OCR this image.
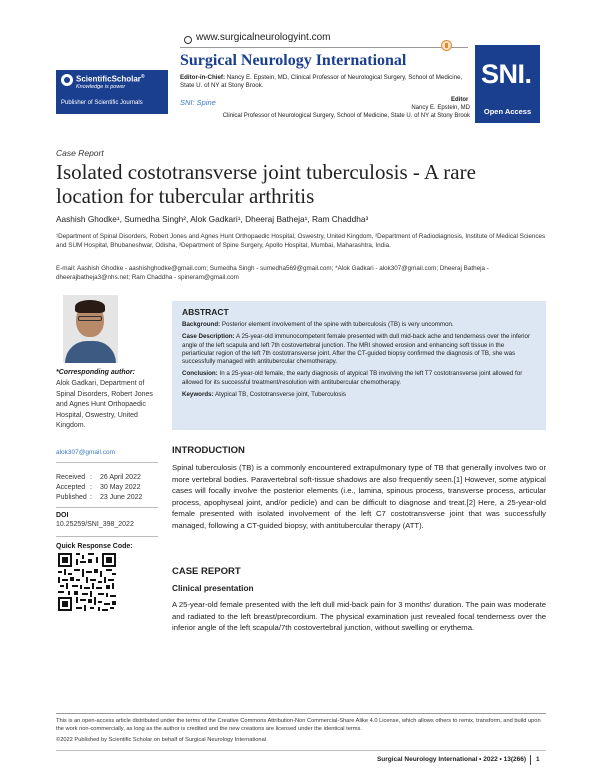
ScientificScholar®
Knowledge is power
Publisher of Scientific Journals
www.surgicalneurologyint.com
Surgical Neurology International
Editor-in-Chief: Nancy E. Epstein, MD, Clinical Professor of Neurological Surgery, School of Medicine, State U. of NY at Stony Brook.
SNI: Spine	Editor
Nancy E. Epstein, MD
Clinical Professor of Neurological Surgery, School of Medicine, State U. of NY at Stony Brook
SNI.
Open Access
Case Report
Isolated costotransverse joint tuberculosis - A rare location for tubercular arthritis
Aashish Ghodke¹, Sumedha Singh², Alok Gadkari¹, Dheeraj Batheja¹, Ram Chaddha³
¹Department of Spinal Disorders, Robert Jones and Agnes Hunt Orthopaedic Hospital, Oswestry, United Kingdom, ²Department of Radiodiagnosis, Institute of Medical Sciences and SUM Hospital, Bhubaneshwar, Odisha, ³Department of Spine Surgery, Apollo Hospital, Mumbai, Maharashtra, India.
E-mail: Aashish Ghodke - aashishghodke@gmail.com; Sumedha Singh - sumedha569@gmail.com; *Alok Gadkari - alok307@gmail.com; Dheeraj Batheja - dheerajbatheja3@nhs.net; Ram Chaddha - spineram@gmail.com
*Corresponding author:
Alok Gadkari, Department of Spinal Disorders, Robert Jones and Agnes Hunt Orthopaedic Hospital, Oswestry, United Kingdom.
alok307@gmail.com
Received :	26 April 2022
Accepted :	30 May 2022
Published :	23 June 2022
DOI
10.25259/SNI_398_2022
Quick Response Code:
ABSTRACT

Background: Posterior element involvement of the spine with tuberculosis (TB) is very uncommon.

Case Description: A 25-year-old immunocompetent female presented with dull mid-back ache and tenderness over the inferior angle of the left scapula and left 7th costovertebral junction. The MRI showed erosion and enhancing soft tissue in the periarticular region of the left 7th costotransverse joint. After the CT-guided biopsy confirmed the diagnosis of TB, she was successfully managed with antitubercular chemotherapy.

Conclusion: In a 25-year-old female, the early diagnosis of atypical TB involving the left T7 costotransverse joint allowed for allowed for its successful treatment/resolution with antitubercular chemotherapy.

Keywords: Atypical TB, Costotransverse joint, Tuberculosis

INTRODUCTION

Spinal tuberculosis (TB) is a commonly encountered extrapulmonary type of TB that generally involves two or more vertebral bodies. Paravertebral soft-tissue shadows are also frequently seen.[1] However, some atypical cases will focally involve the posterior elements (i.e., lamina, spinous process, transverse process, articular process, apophyseal joint, and/or pedicle) and can be difficult to diagnose and treat.[2] Here, a 25-year-old female presented with isolated involvement of the left C7 costotransverse joint that was successfully managed, following a CT-guided biopsy, with antitubercular therapy (ATT).

CASE REPORT
Clinical presentation

A 25-year-old female presented with the left dull mid-back pain for 3 months' duration. The pain was moderate and radiated to the left breast/precordium. The physical examination just revealed focal tenderness over the inferior angle of the left scapula/7th costovertebral junction, without swelling or erythema.

This is an open-access article distributed under the terms of the Creative Commons Attribution-Non Commercial-Share Alike 4.0 License, which allows others to remix, transform, and build upon the work non-commercially, as long as the author is credited and the new creations are licensed under the identical terms.
©2022 Published by Scientific Scholar on behalf of Surgical Neurology International
Surgical Neurology International • 2022 • 13(266) 1
